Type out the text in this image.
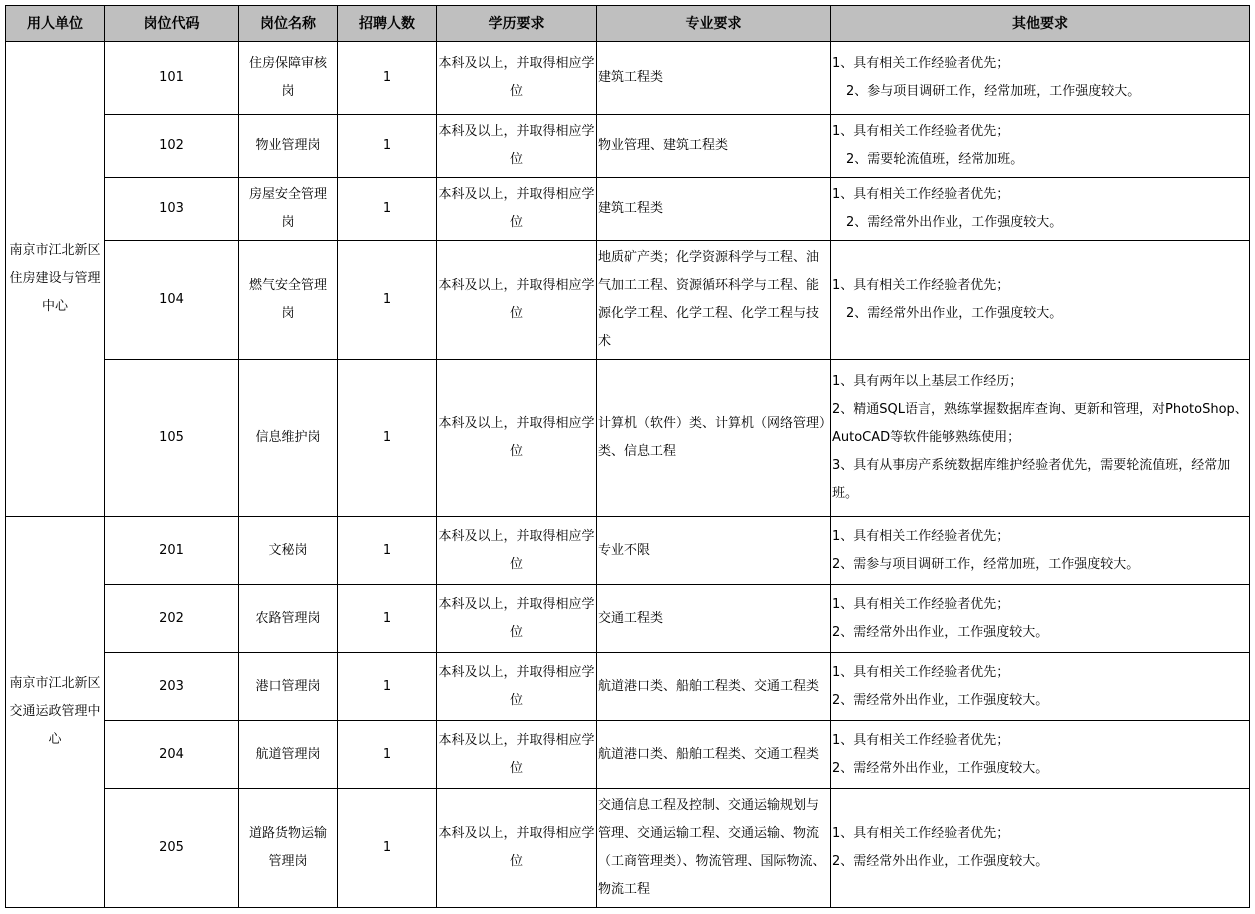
用人单位	岗位代码	岗位名称	招聘人数	学历要求	专业要求	其他要求
南京市江北新区住房建设与管理中心	101	住房保障审核岗	1	本科及以上，并取得相应学位	建筑工程类	1、具有相关工作经验者优先；
2、参与项目调研工作，经常加班，工作强度较大。

	102	物业管理岗	1	本科及以上，并取得相应学位	物业管理、建筑工程类	1、具有相关工作经验者优先；
2、需要轮流值班，经常加班。

	103	房屋安全管理岗	1	本科及以上，并取得相应学位	建筑工程类	1、具有相关工作经验者优先；
2、需经常外出作业，工作强度较大。

	104	燃气安全管理岗	1	本科及以上，并取得相应学位	地质矿产类；化学资源科学与工程、油气加工工程、资源循环科学与工程、能源化学工程、化学工程、化学工程与技术	1、具有相关工作经验者优先；
2、需经常外出作业，工作强度较大。

	105	信息维护岗	1	本科及以上，并取得相应学位	计算机（软件）类、计算机（网络管理）类、信息工程	1、具有两年以上基层工作经历；
2、精通SQL语言，熟练掌握数据库查询、更新和管理，对PhotoShop、AutoCAD等软件能够熟练使用；
3、具有从事房产系统数据库维护经验者优先，需要轮流值班，经常加班。

南京市江北新区交通运政管理中心	201	文秘岗	1	本科及以上，并取得相应学位	专业不限	1、具有相关工作经验者优先；
2、需参与项目调研工作，经常加班，工作强度较大。

	202	农路管理岗	1	本科及以上，并取得相应学位	交通工程类	1、具有相关工作经验者优先；
2、需经常外出作业，工作强度较大。

	203	港口管理岗	1	本科及以上，并取得相应学位	航道港口类、船舶工程类、交通工程类	1、具有相关工作经验者优先；
2、需经常外出作业，工作强度较大。

	204	航道管理岗	1	本科及以上，并取得相应学位	航道港口类、船舶工程类、交通工程类	1、具有相关工作经验者优先；
2、需经常外出作业，工作强度较大。

	205	道路货物运输管理岗	1	本科及以上，并取得相应学位	交通信息工程及控制、交通运输规划与管理、交通运输工程、交通运输、物流（工商管理类）、物流管理、国际物流、物流工程	1、具有相关工作经验者优先；
2、需经常外出作业，工作强度较大。
